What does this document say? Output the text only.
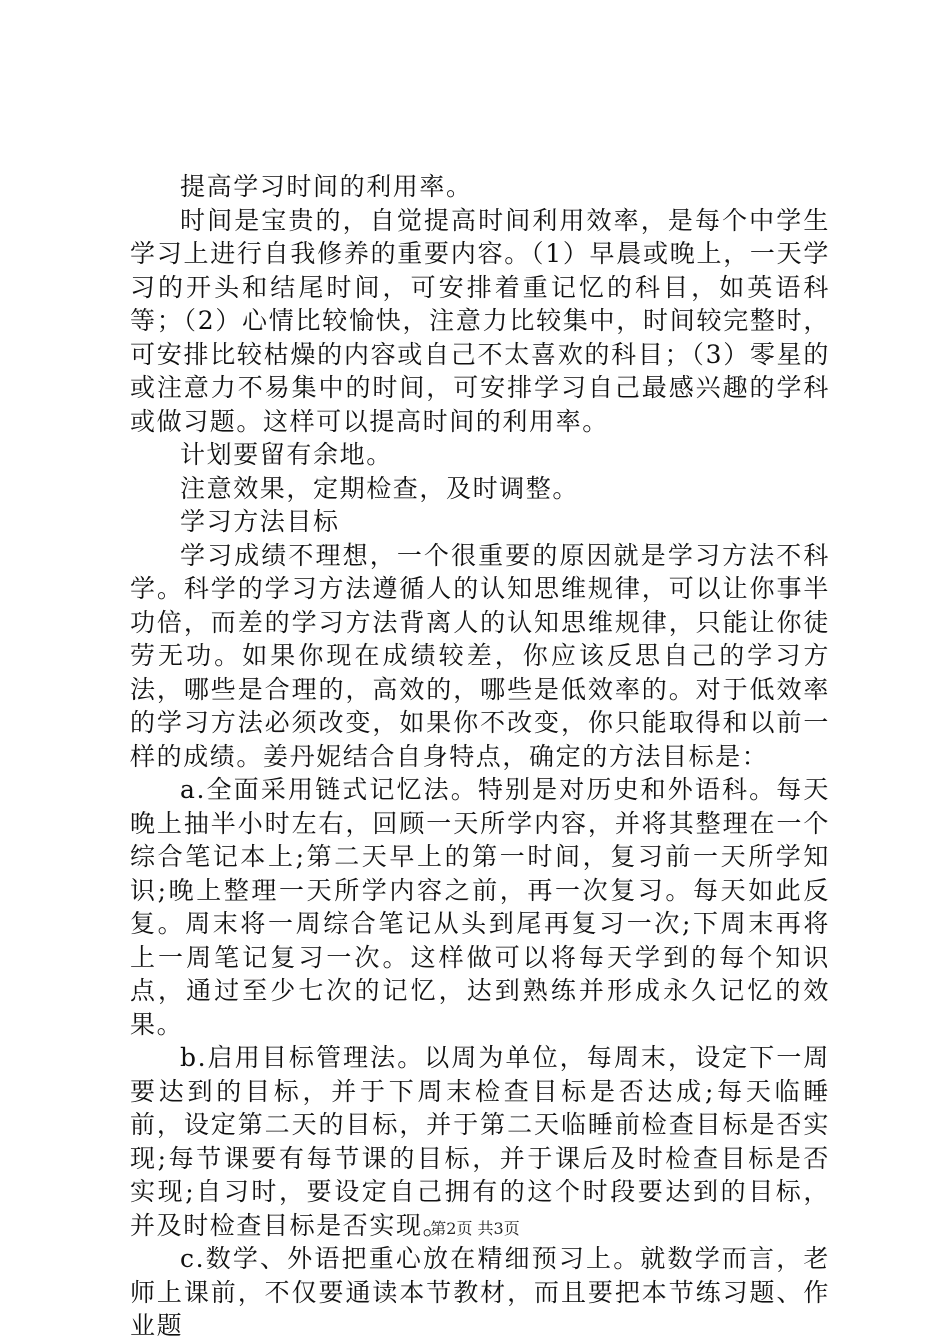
提高学习时间的利用率。

时间是宝贵的，自觉提高时间利用效率，是每个中学生学习上进行自我修养的重要内容。（1）早晨或晚上，一天学习的开头和结尾时间，可安排着重记忆的科目，如英语科等；（2）心情比较愉快，注意力比较集中，时间较完整时，可安排比较枯燥的内容或自己不太喜欢的科目；（3）零星的或注意力不易集中的时间，可安排学习自己最感兴趣的学科或做习题。这样可以提高时间的利用率。

计划要留有余地。

注意效果，定期检查，及时调整。

学习方法目标

学习成绩不理想，一个很重要的原因就是学习方法不科学。科学的学习方法遵循人的认知思维规律，可以让你事半功倍，而差的学习方法背离人的认知思维规律，只能让你徒劳无功。如果你现在成绩较差，你应该反思自己的学习方法，哪些是合理的，高效的，哪些是低效率的。对于低效率的学习方法必须改变，如果你不改变，你只能取得和以前一样的成绩。姜丹妮结合自身特点，确定的方法目标是：

a.全面采用链式记忆法。特别是对历史和外语科。每天晚上抽半小时左右，回顾一天所学内容，并将其整理在一个综合笔记本上;第二天早上的第一时间，复习前一天所学知识;晚上整理一天所学内容之前，再一次复习。每天如此反复。周末将一周综合笔记从头到尾再复习一次;下周末再将上一周笔记复习一次。这样做可以将每天学到的每个知识点，通过至少七次的记忆，达到熟练并形成永久记忆的效果。

b.启用目标管理法。以周为单位，每周末，设定下一周要达到的目标，并于下周末检查目标是否达成;每天临睡前，设定第二天的目标，并于第二天临睡前检查目标是否实现;每节课要有每节课的目标，并于课后及时检查目标是否实现;自习时，要设定自己拥有的这个时段要达到的目标，并及时检查目标是否实现。

c.数学、外语把重心放在精细预习上。就数学而言，老师上课前，不仅要通读本节教材，而且要把本节练习题、作业题

第2页 共3页
